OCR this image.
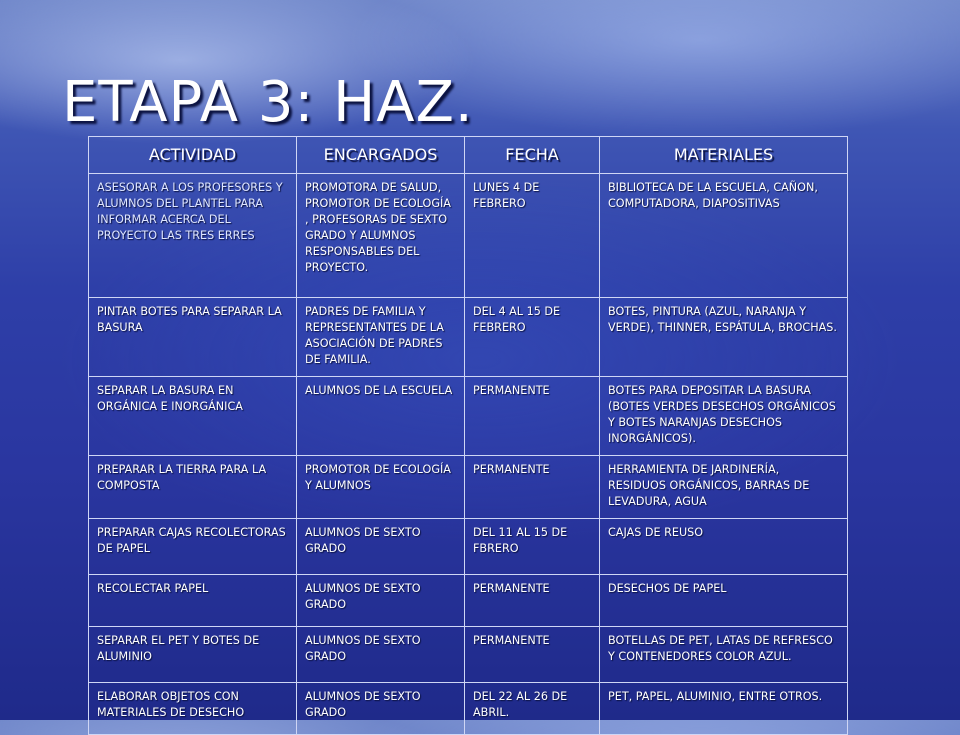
ETAPA 3: HAZ.
ACTIVIDAD	ENCARGADOS	FECHA	MATERIALES
ASESORAR A LOS PROFESORES Y ALUMNOS DEL PLANTEL PARA INFORMAR ACERCA DEL PROYECTO LAS TRES ERRES	PROMOTORA DE SALUD, PROMOTOR DE ECOLOGÍA , PROFESORAS DE SEXTO GRADO Y ALUMNOS RESPONSABLES DEL PROYECTO.	LUNES 4 DE FEBRERO	BIBLIOTECA DE LA ESCUELA, CAÑON, COMPUTADORA, DIAPOSITIVAS
PINTAR BOTES PARA SEPARAR LA BASURA	PADRES DE FAMILIA Y REPRESENTANTES DE LA ASOCIACIÓN DE PADRES DE FAMILIA.	DEL 4 AL 15 DE FEBRERO	BOTES, PINTURA (AZUL, NARANJA Y VERDE), THINNER, ESPÁTULA, BROCHAS.
SEPARAR LA BASURA EN ORGÁNICA E INORGÁNICA	ALUMNOS DE LA ESCUELA	PERMANENTE	BOTES PARA DEPOSITAR LA BASURA (BOTES VERDES DESECHOS ORGÁNICOS Y BOTES NARANJAS DESECHOS INORGÁNICOS).
PREPARAR LA TIERRA PARA LA COMPOSTA	PROMOTOR DE ECOLOGÍA Y ALUMNOS	PERMANENTE	HERRAMIENTA DE JARDINERÍA, RESIDUOS ORGÁNICOS, BARRAS DE LEVADURA, AGUA
PREPARAR CAJAS RECOLECTORAS DE PAPEL	ALUMNOS DE SEXTO GRADO	DEL 11 AL 15 DE FBRERO	CAJAS DE REUSO
RECOLECTAR PAPEL	ALUMNOS DE SEXTO GRADO	PERMANENTE	DESECHOS DE PAPEL
SEPARAR EL PET Y BOTES DE ALUMINIO	ALUMNOS DE SEXTO GRADO	PERMANENTE	BOTELLAS DE PET, LATAS DE REFRESCO Y CONTENEDORES COLOR AZUL.
ELABORAR OBJETOS CON MATERIALES DE DESECHO	ALUMNOS DE SEXTO GRADO	DEL 22 AL 26 DE ABRIL.	PET, PAPEL, ALUMINIO, ENTRE OTROS.
